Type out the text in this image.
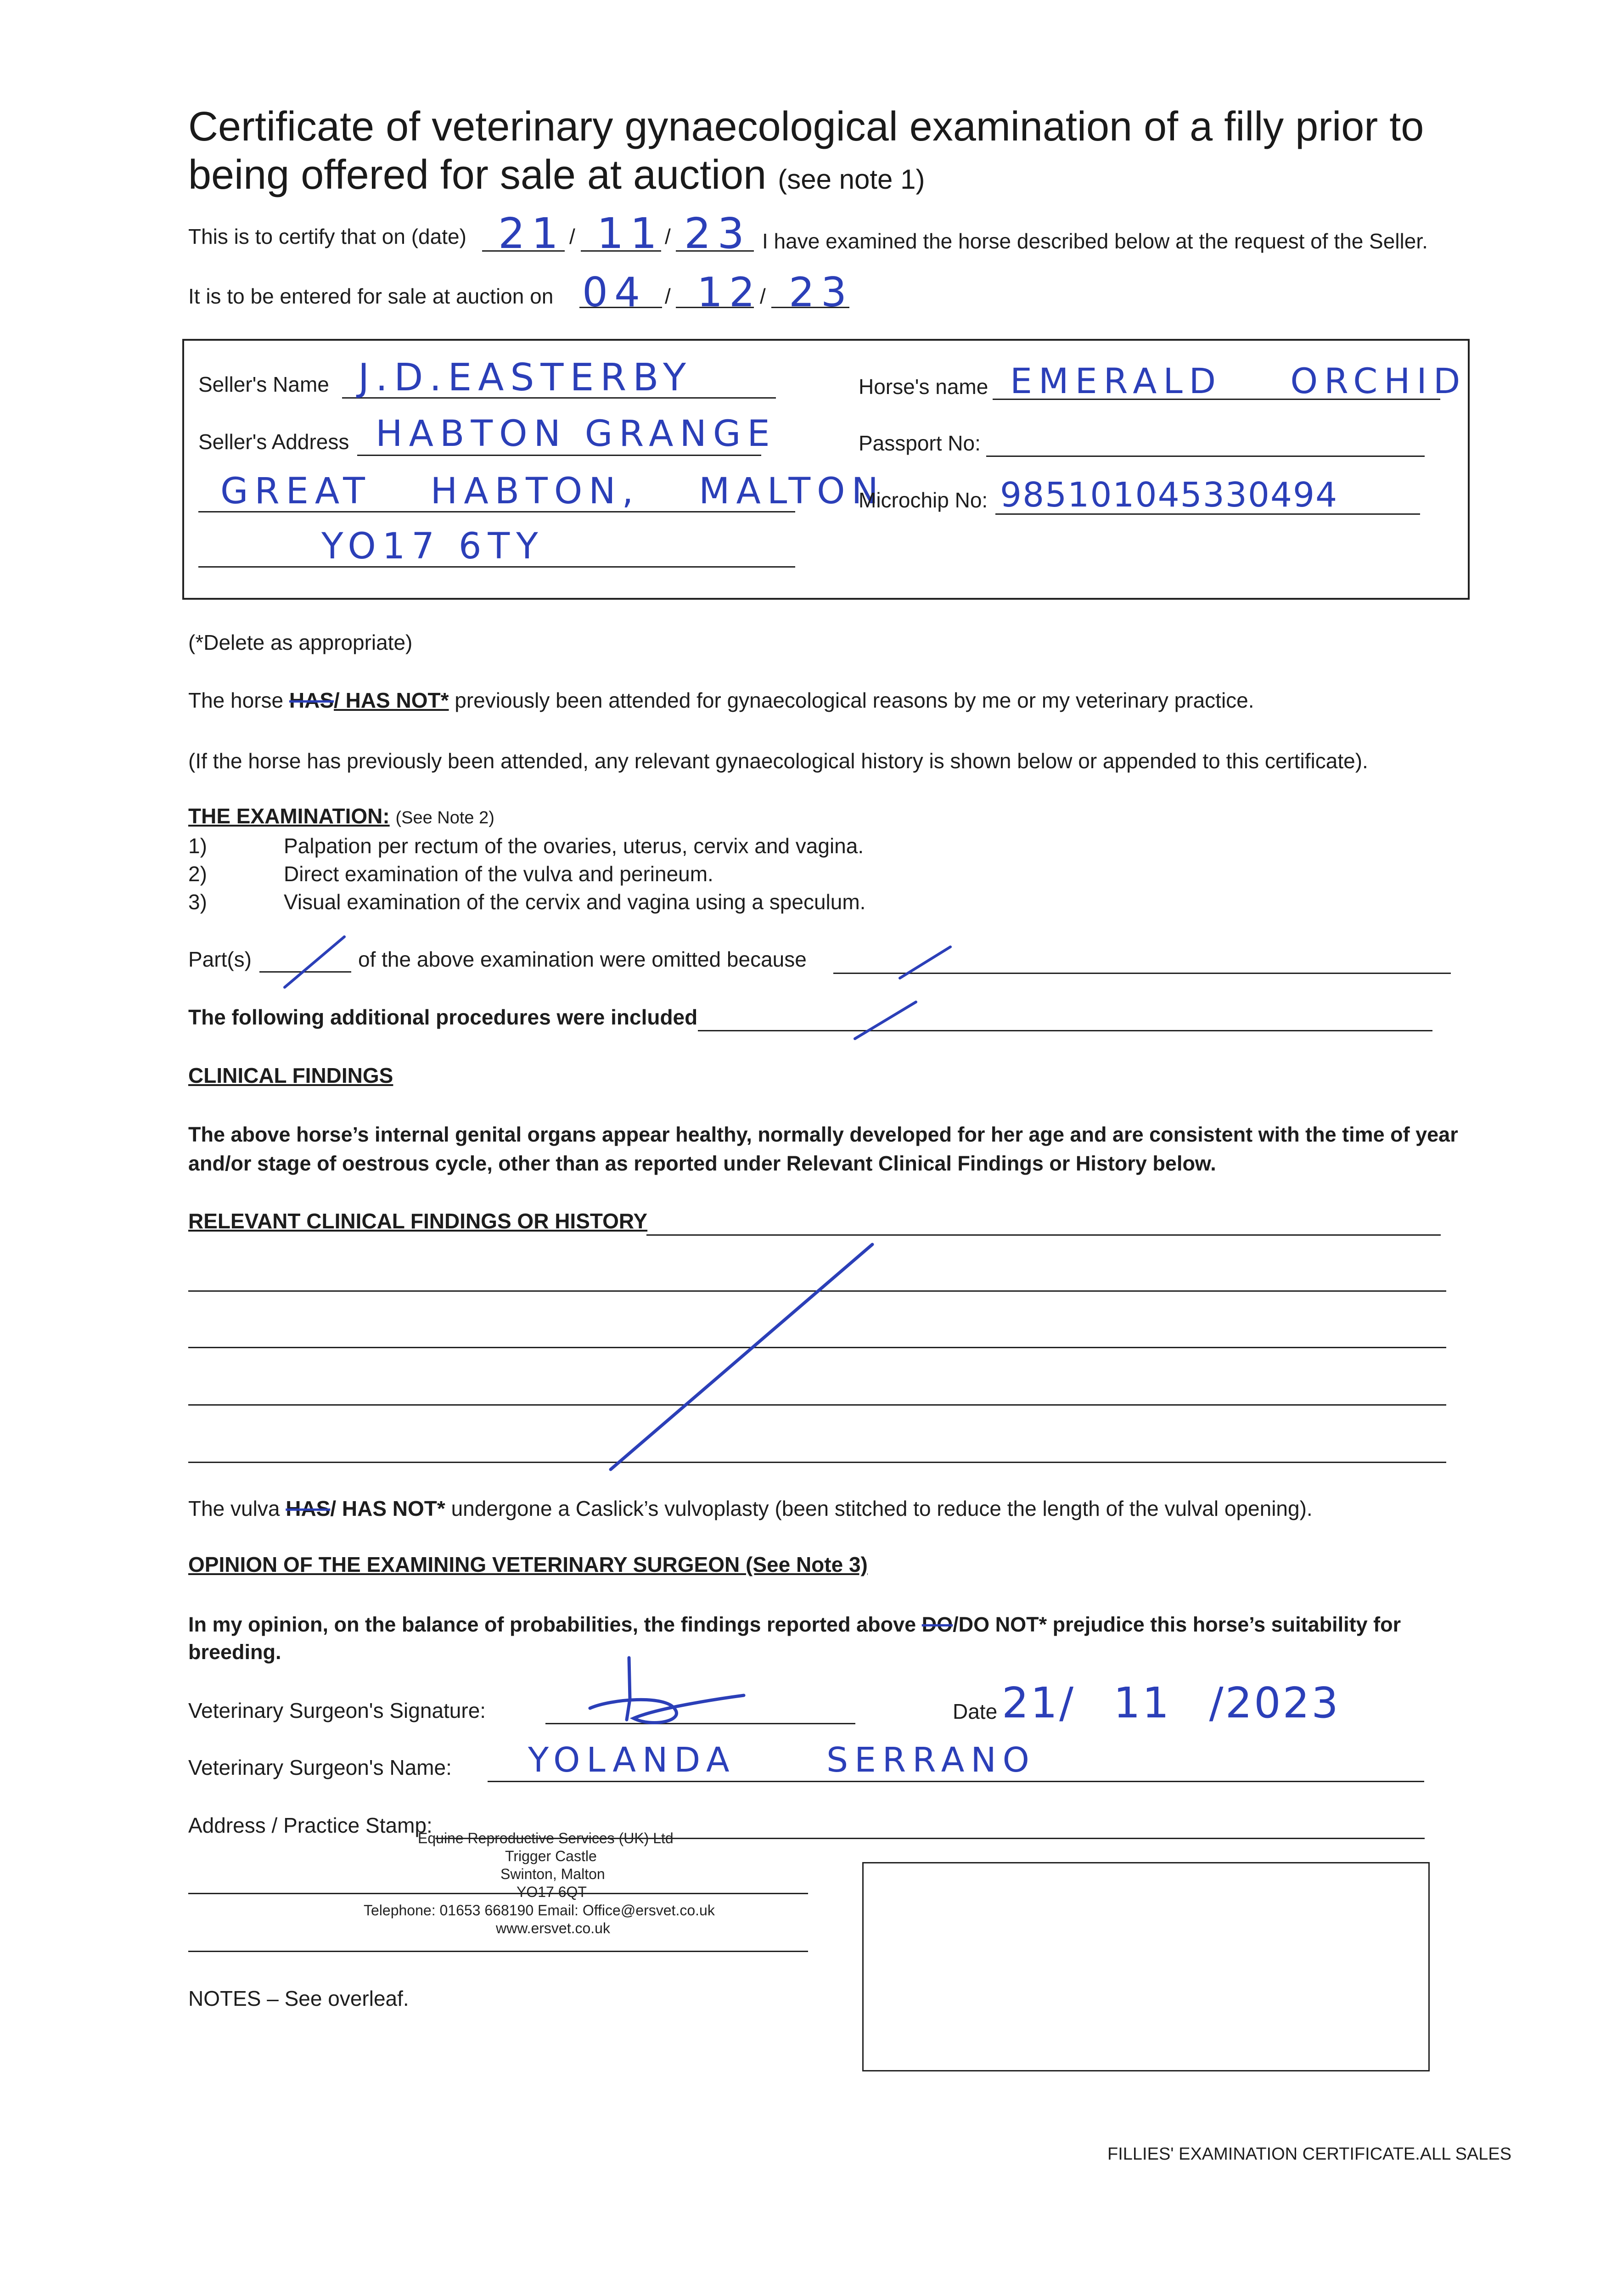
Certificate of veterinary gynaecological examination of a filly prior to
being offered for sale at auction (see note 1)
This is to certify that on (date) 21 / 11 / 23 I have examined the horse described below at the request of the Seller.
It is to be entered for sale at auction on 04 / 12
/ 23
Seller's Name J.D.EASTERBY
Seller's Address HABTON GRANGE
GREAT HABTON, MALTON
YO17 6TY
Horse's name EMERALD ORCHID
Passport No:
Microchip No: 985101045330494
(*Delete as appropriate)
The horse HAS/ HAS NOT* previously been attended for gynaecological reasons by me or my veterinary practice.
(If the horse has previously been attended, any relevant gynaecological history is shown below or appended to this certificate).
THE EXAMINATION: (See Note 2)
1)	Palpation per rectum of the ovaries, uterus, cervix and vagina.
2)	Direct examination of the vulva and perineum.
3)	Visual examination of the cervix and vagina using a speculum.
Part(s)	of the above examination were omitted because
The following additional procedures were included
CLINICAL FINDINGS
The above horse’s internal genital organs appear healthy, normally developed for her age and are consistent with the time of year
and/or stage of oestrous cycle, other than as reported under Relevant Clinical Findings or History below.
RELEVANT CLINICAL FINDINGS OR HISTORY
The vulva HAS/ HAS NOT* undergone a Caslick’s vulvoplasty (been stitched to reduce the length of the vulval opening).
OPINION OF THE EXAMINING VETERINARY SURGEON (See Note 3)
In my opinion, on the balance of probabilities, the findings reported above DO/DO NOT* prejudice this horse’s suitability for
breeding.
Veterinary Surgeon's Signature:	Date 21/ 11 /2023
Veterinary Surgeon's Name: YOLANDA SERRANO
Address / Practice Stamp:
Equine Reproductive Services (UK) Ltd
Trigger Castle
Swinton, Malton
YO17 6QT
Telephone: 01653 668190 Email: Office@ersvet.co.uk
www.ersvet.co.uk
NOTES – See overleaf.
FILLIES' EXAMINATION CERTIFICATE.ALL SALES
